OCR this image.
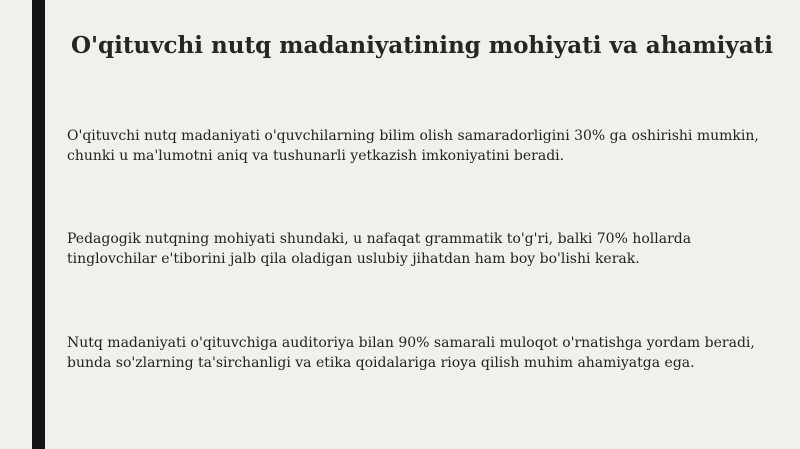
O'qituvchi nutq madaniyatining mohiyati va ahamiyati
O'qituvchi nutq madaniyati o'quvchilarning bilim olish samaradorligini 30% ga oshirishi mumkin, chunki u ma'lumotni aniq va tushunarli yetkazish imkoniyatini beradi.
Pedagogik nutqning mohiyati shundaki, u nafaqat grammatik to'g'ri, balki 70% hollarda tinglovchilar e'tiborini jalb qila oladigan uslubiy jihatdan ham boy bo'lishi kerak.
Nutq madaniyati o'qituvchiga auditoriya bilan 90% samarali muloqot o'rnatishga yordam beradi, bunda so'zlarning ta'sirchanligi va etika qoidalariga rioya qilish muhim ahamiyatga ega.
